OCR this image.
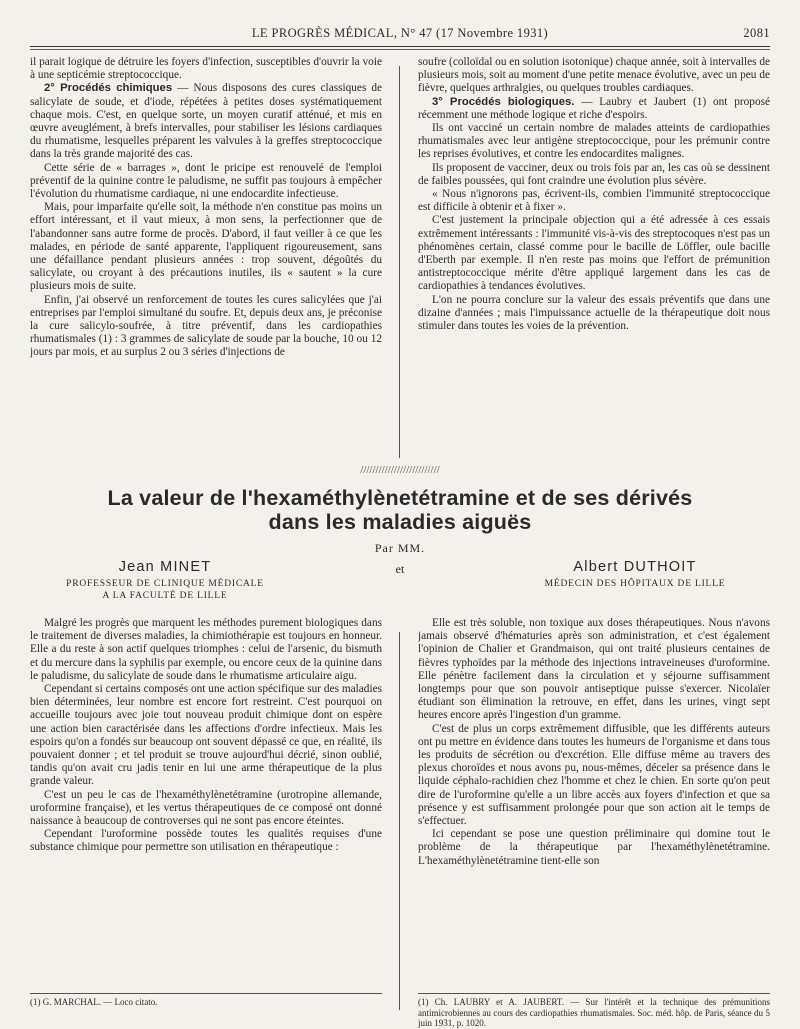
LE PROGRÈS MÉDICAL, N° 47 (17 Novembre 1931)	2081

il parait logique de détruire les foyers d'infection, susceptibles d'ouvrir la voie à une septicémie streptococcique.

2° Procédés chimiques — Nous disposons des cures classiques de salicylate de soude, et d'iode, répétées à petites doses systématiquement chaque mois. C'est, en quelque sorte, un moyen curatif atténué, et mis en œuvre aveuglément, à brefs intervalles, pour stabiliser les lésions cardiaques du rhumatisme, lesquelles préparent les valvules à la greffes streptococcique dans la très grande majorité des cas.

Cette série de « barrages », dont le pricipe est renouvelé de l'emploi préventif de la quinine contre le paludisme, ne suffit pas toujours à empêcher l'évolution du rhumatisme cardiaque, ni une endocardite infectieuse.

Mais, pour imparfaite qu'elle soit, la méthode n'en constitue pas moins un effort intéressant, et il vaut mieux, à mon sens, la perfectionner que de l'abandonner sans autre forme de procès. D'abord, il faut veiller à ce que les malades, en période de santé apparente, l'appliquent rigoureusement, sans une défaillance pendant plusieurs années : trop souvent, dégoûtés du salicylate, ou croyant à des précautions inutiles, ils « sautent » la cure plusieurs mois de suite.

Enfin, j'ai observé un renforcement de toutes les cures salicylées que j'ai entreprises par l'emploi simultané du soufre. Et, depuis deux ans, je préconise la cure salicylo-soufrée, à titre préventif, dans les cardiopathies rhumatismales (1) : 3 grammes de salicylate de soude par la bouche, 10 ou 12 jours par mois, et au surplus 2 ou 3 séries d'injections de

soufre (colloïdal ou en solution isotonique) chaque année, soit à intervalles de plusieurs mois, soit au moment d'une petite menace évolutive, avec un peu de fièvre, quelques arthralgies, ou quelques troubles cardiaques.

3° Procédés biologiques. — Laubry et Jaubert (1) ont proposé récemment une méthode logique et riche d'espoirs.

Ils ont vacciné un certain nombre de malades atteints de cardiopathies rhumatismales avec leur antigène streptococcique, pour les prémunir contre les reprises évolutives, et contre les endocardites malignes.

Ils proposent de vacciner, deux ou trois fois par an, les cas où se dessinent de faibles poussées, qui font craindre une évolution plus sévère.

« Nous n'ignorons pas, écrivent-ils, combien l'immunité streptococcique est difficile à obtenir et à fixer ».

C'est justement la principale objection qui a été adressée à ces essais extrêmement intéressants : l'immunité vis-à-vis des streptocoques n'est pas un phénomènes certain, classé comme pour le bacille de Löffler, oule bacille d'Eberth par exemple. Il n'en reste pas moins que l'effort de prémunition antistreptococcique mérite d'être appliqué largement dans les cas de cardiopathies à tendances évolutives.

L'on ne pourra conclure sur la valeur des essais préventifs que dans une dizaine d'années ; mais l'impuissance actuelle de la thérapeutique doit nous stimuler dans toutes les voies de la prévention.

//////////////////////////
La valeur de l'hexaméthylènetétramine et de ses dérivés
dans les maladies aiguës
Par MM.
Jean MINET
PROFESSEUR DE CLINIQUE MÉDICALE
A LA FACULTÉ DE LILLE
et	Albert DUTHOIT
MÉDECIN DES HÔPITAUX DE LILLE

Malgré les progrès que marquent les méthodes purement biologiques dans le traitement de diverses maladies, la chimiothérapie est toujours en honneur. Elle a du reste à son actif quelques triomphes : celui de l'arsenic, du bismuth et du mercure dans la syphilis par exemple, ou encore ceux de la quinine dans le paludisme, du salicylate de soude dans le rhumatisme articulaire aigu.

Cependant si certains composés ont une action spécifique sur des maladies bien déterminées, leur nombre est encore fort restreint. C'est pourquoi on accueille toujours avec joie tout nouveau produit chimique dont on espère une action bien caractérisée dans les affections d'ordre infectieux. Mais les espoirs qu'on a fondés sur beaucoup ont souvent dépassé ce que, en réalité, ils pouvaient donner ; et tel produit se trouve aujourd'hui décrié, sinon oublié, tandis qu'on avait cru jadis tenir en lui une arme thérapeutique de la plus grande valeur.

C'est un peu le cas de l'hexaméthylènetétramine (urotropine allemande, uroformine française), et les vertus thérapeutiques de ce composé ont donné naissance à beaucoup de controverses qui ne sont pas encore éteintes.

Cependant l'uroformine possède toutes les qualités requises d'une substance chimique pour permettre son utilisation en thérapeutique :

(1) G. MARCHAL. — Loco citato.

Elle est très soluble, non toxique aux doses thérapeutiques. Nous n'avons jamais observé d'hématuries après son administration, et c'est également l'opinion de Chalier et Grandmaison, qui ont traité plusieurs centaines de fièvres typhoïdes par la méthode des injections intraveineuses d'uroformine. Elle pénètre facilement dans la circulation et y séjourne suffisamment longtemps pour que son pouvoir antiseptique puisse s'exercer. Nicolaïer étudiant son élimination la retrouve, en effet, dans les urines, vingt sept heures encore après l'ingestion d'un gramme.

C'est de plus un corps extrêmement diffusible, que les différents auteurs ont pu mettre en évidence dans toutes les humeurs de l'organisme et dans tous les produits de sécrétion ou d'excrétion. Elle diffuse même au travers des plexus choroïdes et nous avons pu, nous-mêmes, déceler sa présence dans le liquide céphalo-rachidien chez l'homme et chez le chien. En sorte qu'on peut dire de l'uroformine qu'elle a un libre accès aux foyers d'infection et que sa présence y est suffisamment prolongée pour que son action ait le temps de s'effectuer.

Ici cependant se pose une question préliminaire qui domine tout le problème de la thérapeutique par l'hexaméthylènetétramine. L'hexaméthylènetétramine tient-elle son

(1) Ch. LAUBRY et A. JAUBERT. — Sur l'intérêt et la technique des prémunitions antimicrobiennes au cours des cardiopathies rhumatismales. Soc. méd. hôp. de Paris, séance du 5 juin 1931, p. 1020.
